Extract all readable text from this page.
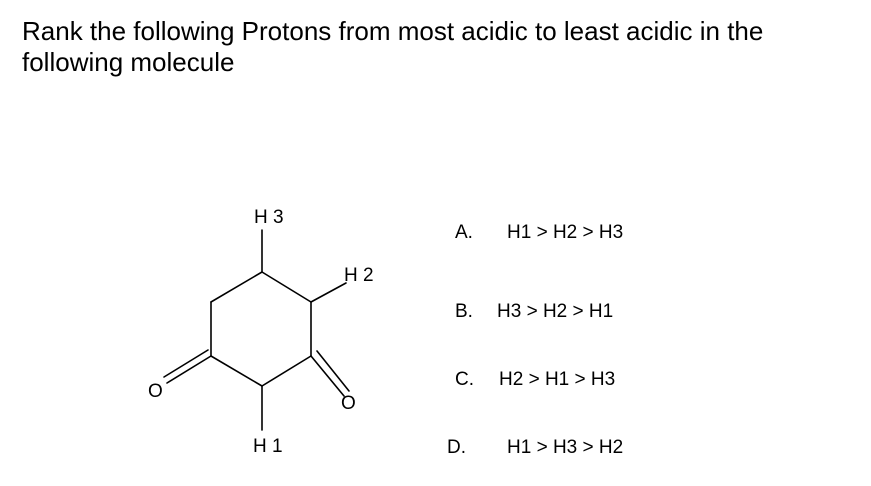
Rank the following Protons from most acidic to least acidic in the following molecule

H 3
H 2
H 1
O
O
A. H1 > H2 > H3
B. H3 > H2 > H1
C. H2 > H1 > H3
D. H1 > H3 > H2
